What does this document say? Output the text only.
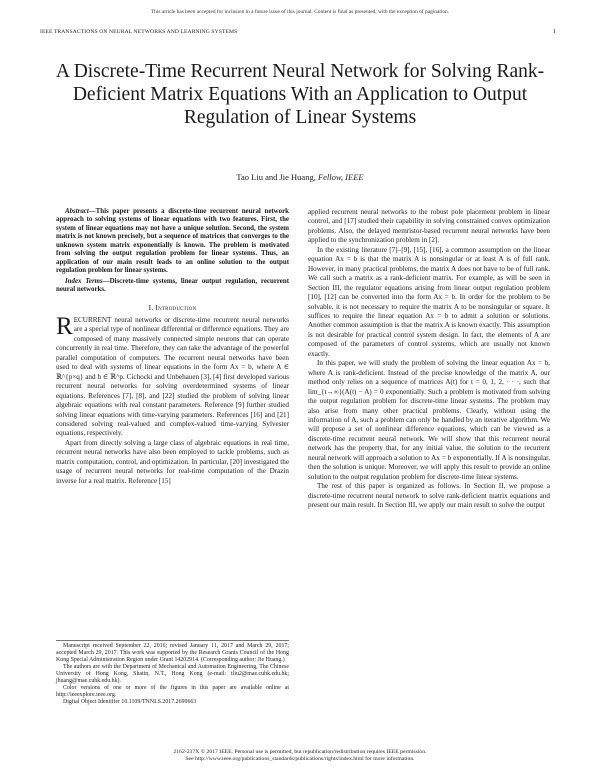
This article has been accepted for inclusion in a future issue of this journal. Content is final as presented, with the exception of pagination.
IEEE TRANSACTIONS ON NEURAL NETWORKS AND LEARNING SYSTEMS	1
A Discrete-Time Recurrent Neural Network for Solving Rank-Deficient Matrix Equations With an Application to Output Regulation of Linear Systems
Tao Liu and Jie Huang, Fellow, IEEE

Abstract—This paper presents a discrete-time recurrent neural network approach to solving systems of linear equations with two features. First, the system of linear equations may not have a unique solution. Second, the system matrix is not known precisely, but a sequence of matrices that converges to the unknown system matrix exponentially is known. The problem is motivated from solving the output regulation problem for linear systems. Thus, an application of our main result leads to an online solution to the output regulation problem for linear systems.

Index Terms—Discrete-time systems, linear output regulation, recurrent neural networks.

I. Introduction

RECURRENT neural networks or discrete-time recurrent neural networks are a special type of nonlinear differential or difference equations. They are composed of many massively connected simple neurons that can operate concurrently in real time. Therefore, they can take the advantage of the powerful parallel computation of computers. The recurrent neural networks have been used to deal with systems of linear equations in the form Ax = b, where A ∈ ℝ^{p×q} and b ∈ ℝ^p. Cichocki and Unbehauen [3], [4] first developed various recurrent neural networks for solving overdetermined systems of linear equations. References [7], [8], and [22] studied the problem of solving linear algebraic equations with real constant parameters. Reference [9] further studied solving linear equations with time-varying parameters. References [16] and [21] considered solving real-valued and complex-valued time-varying Sylvester equations, respectively.

Apart from directly solving a large class of algebraic equations in real time, recurrent neural networks have also been employed to tackle problems, such as matrix computation, control, and optimization. In particular, [20] investigated the usage of recurrent neural networks for real-time computation of the Drazin inverse for a real matrix. Reference [15]

Manuscript received September 22, 2016; revised January 11, 2017 and March 29, 2017; accepted March 29, 2017. This work was supported by the Research Grants Council of the Hong Kong Special Administration Region under Grant 14202914. (Corresponding author: Jie Huang.)

The authors are with the Department of Mechanical and Automation Engineering, The Chinese University of Hong Kong, Shatin, N.T., Hong Kong (e-mail: tliu2@mae.cuhk.edu.hk; jhuang@mae.cuhk.edu.hk).

Color versions of one or more of the figures in this paper are available online at http://ieeexplore.ieee.org.

Digital Object Identifier 10.1109/TNNLS.2017.2690663

applied recurrent neural networks to the robust pole placement problem in linear control, and [17] studied their capability in solving constrained convex optimization problems. Also, the delayed memristor-based recurrent neural networks have been applied to the synchronization problem in [2].

In the existing literature [7]–[9], [15], [16], a common assumption on the linear equation Ax = b is that the matrix A is nonsingular or at least A is of full rank. However, in many practical problems, the matrix A does not have to be of full rank. We call such a matrix as a rank-deficient matrix. For example, as will be seen in Section III, the regulator equations arising from linear output regulation problem [10], [12] can be converted into the form Ax = b. In order for the problem to be solvable, it is not necessary to require the matrix A to be nonsingular or square. It suffices to require the linear equation Ax = b to admit a solution or solutions. Another common assumption is that the matrix A is known exactly. This assumption is not desirable for practical control system design. In fact, the elements of A are composed of the parameters of control systems, which are usually not known exactly.

In this paper, we will study the problem of solving the linear equation Ax = b, where A is rank-deficient. Instead of the precise knowledge of the matrix A, our method only relies on a sequence of matrices A(t) for t = 0, 1, 2, · · ·, such that lim_{t→∞}(A(t) − A) = 0 exponentially. Such a problem is motivated from solving the output regulation problem for discrete-time linear systems. The problem may also arise from many other practical problems. Clearly, without using the information of A, such a problem can only be handled by an iterative algorithm. We will propose a set of nonlinear difference equations, which can be viewed as a discrete-time recurrent neural network. We will show that this recurrent neural network has the property that, for any initial value, the solution to the recurrent neural network will approach a solution to Ax = b exponentially. If A is nonsingular, then the solution is unique. Moreover, we will apply this result to provide an online solution to the output regulation problem for discrete-time linear systems.

The rest of this paper is organized as follows. In Section II, we propose a discrete-time recurrent neural network to solve rank-deficient matrix equations and present our main result. In Section III, we apply our main result to solve the output

2162-237X © 2017 IEEE. Personal use is permitted, but republication/redistribution requires IEEE permission.
See http://www.ieee.org/publications_standards/publications/rights/index.html for more information.
